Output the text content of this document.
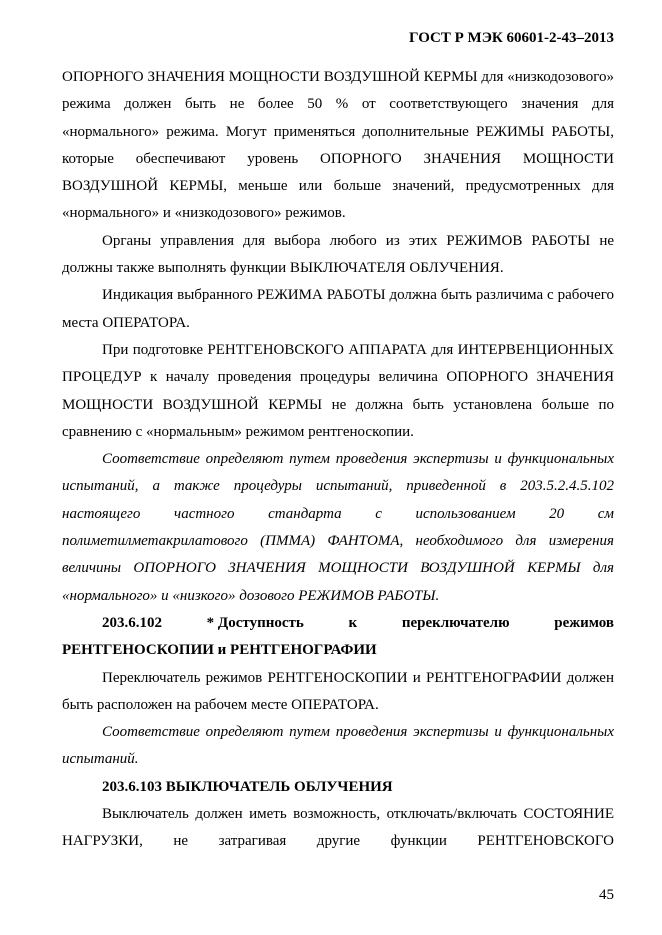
ГОСТ Р МЭК 60601-2-43–2013

ОПОРНОГО ЗНАЧЕНИЯ МОЩНОСТИ ВОЗДУШНОЙ КЕРМЫ для «низкодозового» режима должен быть не более 50 % от соответствующего значения для «нормального» режима. Могут применяться дополнительные РЕЖИМЫ РАБОТЫ, которые обеспечивают уровень ОПОРНОГО ЗНАЧЕНИЯ МОЩНОСТИ ВОЗДУШНОЙ КЕРМЫ, меньше или больше значений, предусмотренных для «нормального» и «низкодозового» режимов.

Органы управления для выбора любого из этих РЕЖИМОВ РАБОТЫ не должны также выполнять функции ВЫКЛЮЧАТЕЛЯ ОБЛУЧЕНИЯ.

Индикация выбранного РЕЖИМА РАБОТЫ должна быть различима с рабочего места ОПЕРАТОРА.

При подготовке РЕНТГЕНОВСКОГО АППАРАТА для ИНТЕРВЕНЦИОННЫХ ПРОЦЕДУР к началу проведения процедуры величина ОПОРНОГО ЗНАЧЕНИЯ МОЩНОСТИ ВОЗДУШНОЙ КЕРМЫ не должна быть установлена больше по сравнению с «нормальным» режимом рентгеноскопии.

Соответствие определяют путем проведения экспертизы и функциональных испытаний, а также процедуры испытаний, приведенной в 203.5.2.4.5.102 настоящего частного стандарта с использованием 20 см полиметилметакрилатового (ПММА) ФАНТОМА, необходимого для измерения величины ОПОРНОГО ЗНАЧЕНИЯ МОЩНОСТИ ВОЗДУШНОЙ КЕРМЫ для «нормального» и «низкого» дозового РЕЖИМОВ РАБОТЫ.

203.6.102	* Доступность	к	переключателю	режимов

РЕНТГЕНОСКОПИИ и РЕНТГЕНОГРАФИИ

Переключатель режимов РЕНТГЕНОСКОПИИ и РЕНТГЕНОГРАФИИ должен быть расположен на рабочем месте ОПЕРАТОРА.

Соответствие определяют путем проведения экспертизы и функциональных испытаний.

203.6.103 ВЫКЛЮЧАТЕЛЬ ОБЛУЧЕНИЯ

Выключатель должен иметь возможность, отключать/включать СОСТОЯНИЕ НАГРУЗКИ, не затрагивая другие функции РЕНТГЕНОВСКОГО

45
